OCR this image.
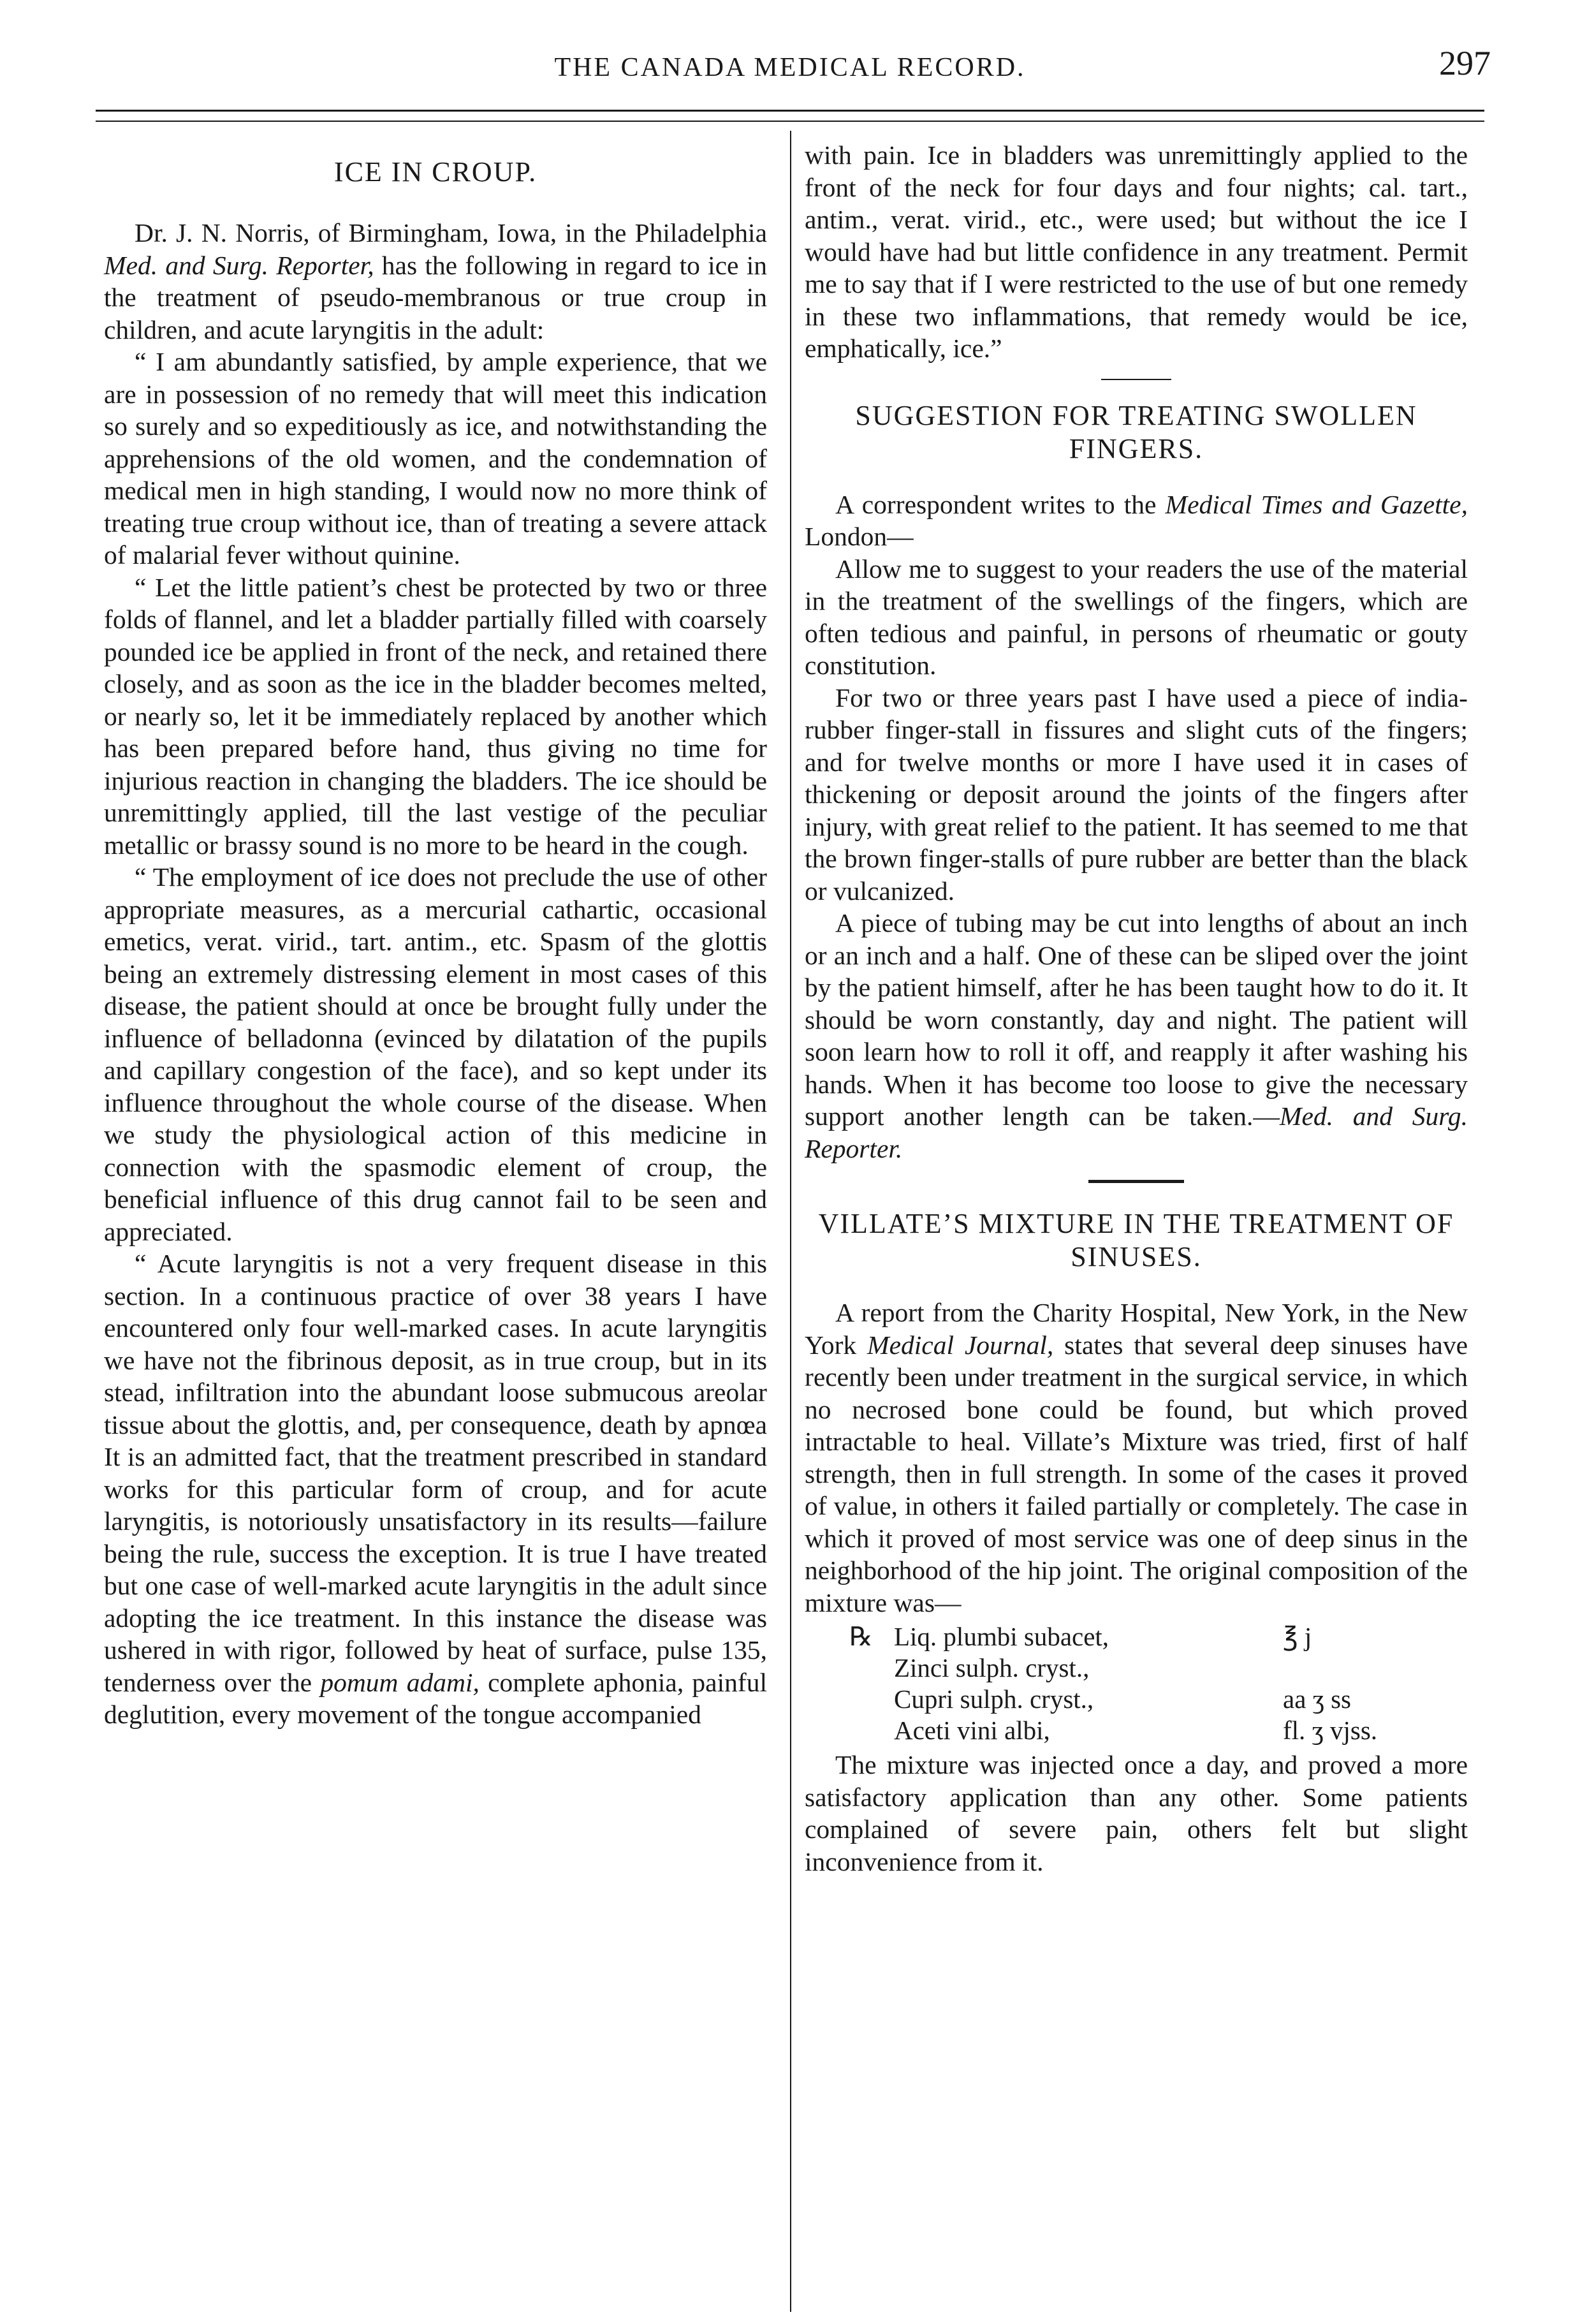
THE CANADA MEDICAL RECORD.	297
ICE IN CROUP.

Dr. J. N. Norris, of Birmingham, Iowa, in the Philadelphia Med. and Surg. Reporter, has the following in regard to ice in the treatment of pseudo-membranous or true croup in children, and acute laryngitis in the adult:

“ I am abundantly satisfied, by ample experience, that we are in possession of no remedy that will meet this indication so surely and so expeditiously as ice, and notwithstanding the apprehensions of the old women, and the condemnation of medical men in high standing, I would now no more think of treating true croup without ice, than of treating a severe attack of malarial fever without quinine.

“ Let the little patient’s chest be protected by two or three folds of flannel, and let a bladder partially filled with coarsely pounded ice be applied in front of the neck, and retained there closely, and as soon as the ice in the bladder becomes melted, or nearly so, let it be immediately replaced by another which has been prepared before hand, thus giving no time for injurious reaction in changing the bladders. The ice should be unremittingly applied, till the last vestige of the peculiar metallic or brassy sound is no more to be heard in the cough.

“ The employment of ice does not preclude the use of other appropriate measures, as a mercurial cathartic, occasional emetics, verat. virid., tart. antim., etc. Spasm of the glottis being an extremely distressing element in most cases of this disease, the patient should at once be brought fully under the influence of belladonna (evinced by dilatation of the pupils and capillary congestion of the face), and so kept under its influence throughout the whole course of the disease. When we study the physiological action of this medicine in connection with the spasmodic element of croup, the beneficial influence of this drug cannot fail to be seen and appreciated.

“ Acute laryngitis is not a very frequent disease in this section. In a continuous practice of over 38 years I have encountered only four well-marked cases. In acute laryngitis we have not the fibrinous deposit, as in true croup, but in its stead, infiltration into the abundant loose submucous areolar tissue about the glottis, and, per consequence, death by apnœa It is an admitted fact, that the treatment prescribed in standard works for this particular form of croup, and for acute laryngitis, is notoriously unsatisfactory in its results—failure being the rule, success the exception. It is true I have treated but one case of well-marked acute laryngitis in the adult since adopting the ice treatment. In this instance the disease was ushered in with rigor, followed by heat of surface, pulse 135, tenderness over the pomum adami, complete aphonia, painful deglutition, every movement of the tongue accompanied

with pain. Ice in bladders was unremittingly applied to the front of the neck for four days and four nights; cal. tart., antim., verat. virid., etc., were used; but without the ice I would have had but little confidence in any treatment. Permit me to say that if I were restricted to the use of but one remedy in these two inflammations, that remedy would be ice, emphatically, ice.”

SUGGESTION FOR TREATING SWOLLEN FINGERS.

A correspondent writes to the Medical Times and Gazette, London—

Allow me to suggest to your readers the use of the material in the treatment of the swellings of the fingers, which are often tedious and painful, in persons of rheumatic or gouty constitution.

For two or three years past I have used a piece of india-rubber finger-stall in fissures and slight cuts of the fingers; and for twelve months or more I have used it in cases of thickening or deposit around the joints of the fingers after injury, with great relief to the patient. It has seemed to me that the brown finger-stalls of pure rubber are better than the black or vulcanized.

A piece of tubing may be cut into lengths of about an inch or an inch and a half. One of these can be sliped over the joint by the patient himself, after he has been taught how to do it. It should be worn constantly, day and night. The patient will soon learn how to roll it off, and reapply it after washing his hands. When it has become too loose to give the necessary support another length can be taken.—Med. and Surg. Reporter.

VILLATE’S MIXTURE IN THE TREATMENT OF SINUSES.

A report from the Charity Hospital, New York, in the New York Medical Journal, states that several deep sinuses have recently been under treatment in the surgical service, in which no necrosed bone could be found, but which proved intractable to heal. Villate’s Mixture was tried, first of half strength, then in full strength. In some of the cases it proved of value, in others it failed partially or completely. The case in which it proved of most service was one of deep sinus in the neighborhood of the hip joint. The original composition of the mixture was—

℞ Liq. plumbi subacet,	℥ j
Zinci sulph. cryst.,
Cupri sulph. cryst.,	aa ʒ ss
Aceti vini albi,	fl. ʒ vjss.

The mixture was injected once a day, and proved a more satisfactory application than any other. Some patients complained of severe pain, others felt but slight inconvenience from it.
